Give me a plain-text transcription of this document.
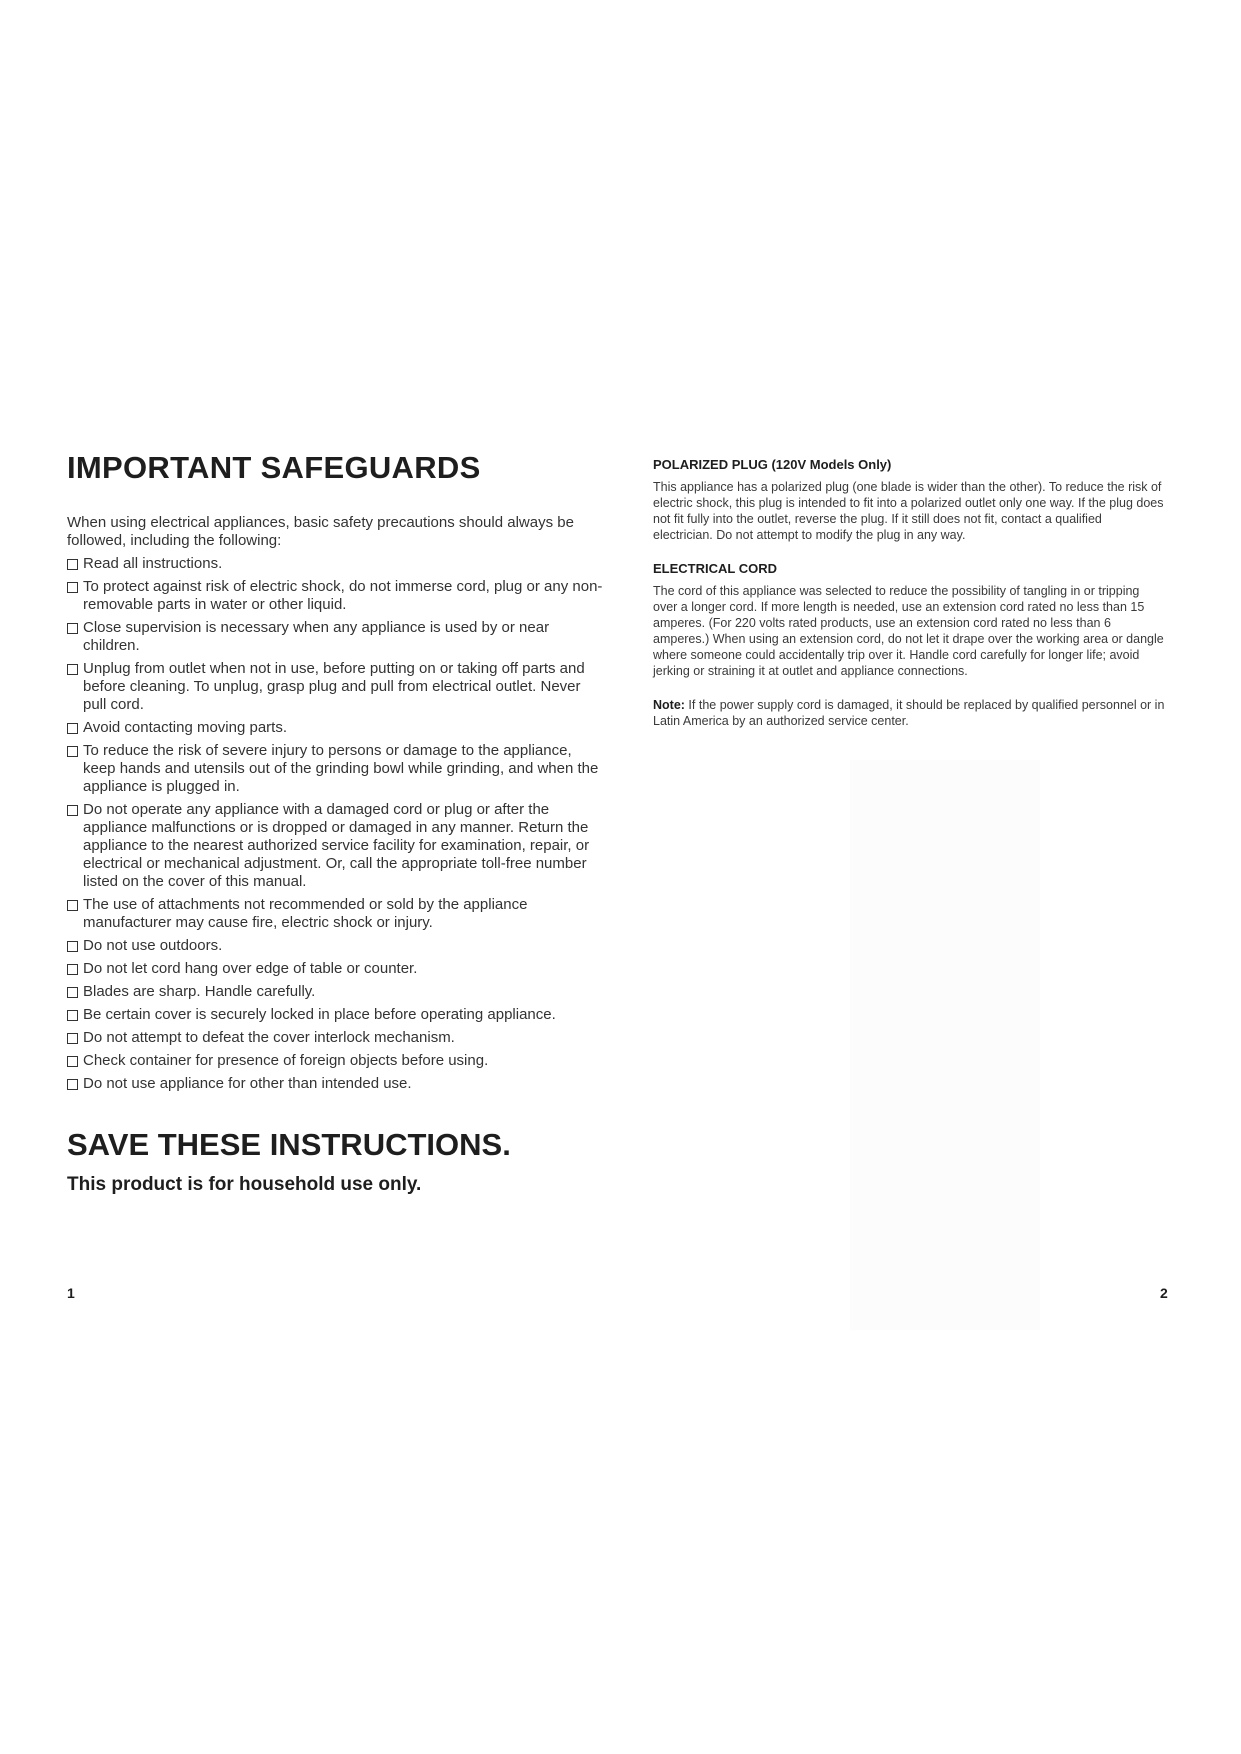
IMPORTANT SAFEGUARDS

When using electrical appliances, basic safety precautions should always be followed, including the following:

Read all instructions.
To protect against risk of electric shock, do not immerse cord, plug or any non-removable parts in water or other liquid.
Close supervision is necessary when any appliance is used by or near children.
Unplug from outlet when not in use, before putting on or taking off parts and before cleaning. To unplug, grasp plug and pull from electrical outlet. Never pull cord.
Avoid contacting moving parts.
To reduce the risk of severe injury to persons or damage to the appliance, keep hands and utensils out of the grinding bowl while grinding, and when the appliance is plugged in.
Do not operate any appliance with a damaged cord or plug or after the appliance malfunctions or is dropped or damaged in any manner. Return the appliance to the nearest authorized service facility for examination, repair, or electrical or mechanical adjustment. Or, call the appropriate toll-free number listed on the cover of this manual.
The use of attachments not recommended or sold by the appliance manufacturer may cause fire, electric shock or injury.
Do not use outdoors.
Do not let cord hang over edge of table or counter.
Blades are sharp. Handle carefully.
Be certain cover is securely locked in place before operating appliance.
Do not attempt to defeat the cover interlock mechanism.
Check container for presence of foreign objects before using.
Do not use appliance for other than intended use.
SAVE THESE INSTRUCTIONS.

This product is for household use only.

1
POLARIZED PLUG (120V Models Only)

This appliance has a polarized plug (one blade is wider than the other). To reduce the risk of electric shock, this plug is intended to fit into a polarized outlet only one way. If the plug does not fit fully into the outlet, reverse the plug. If it still does not fit, contact a qualified electrician. Do not attempt to modify the plug in any way.

ELECTRICAL CORD

The cord of this appliance was selected to reduce the possibility of tangling in or tripping over a longer cord. If more length is needed, use an extension cord rated no less than 15 amperes. (For 220 volts rated products, use an extension cord rated no less than 6 amperes.) When using an extension cord, do not let it drape over the working area or dangle where someone could accidentally trip over it. Handle cord carefully for longer life; avoid jerking or straining it at outlet and appliance connections.

Note: If the power supply cord is damaged, it should be replaced by qualified personnel or in Latin America by an authorized service center.

2
